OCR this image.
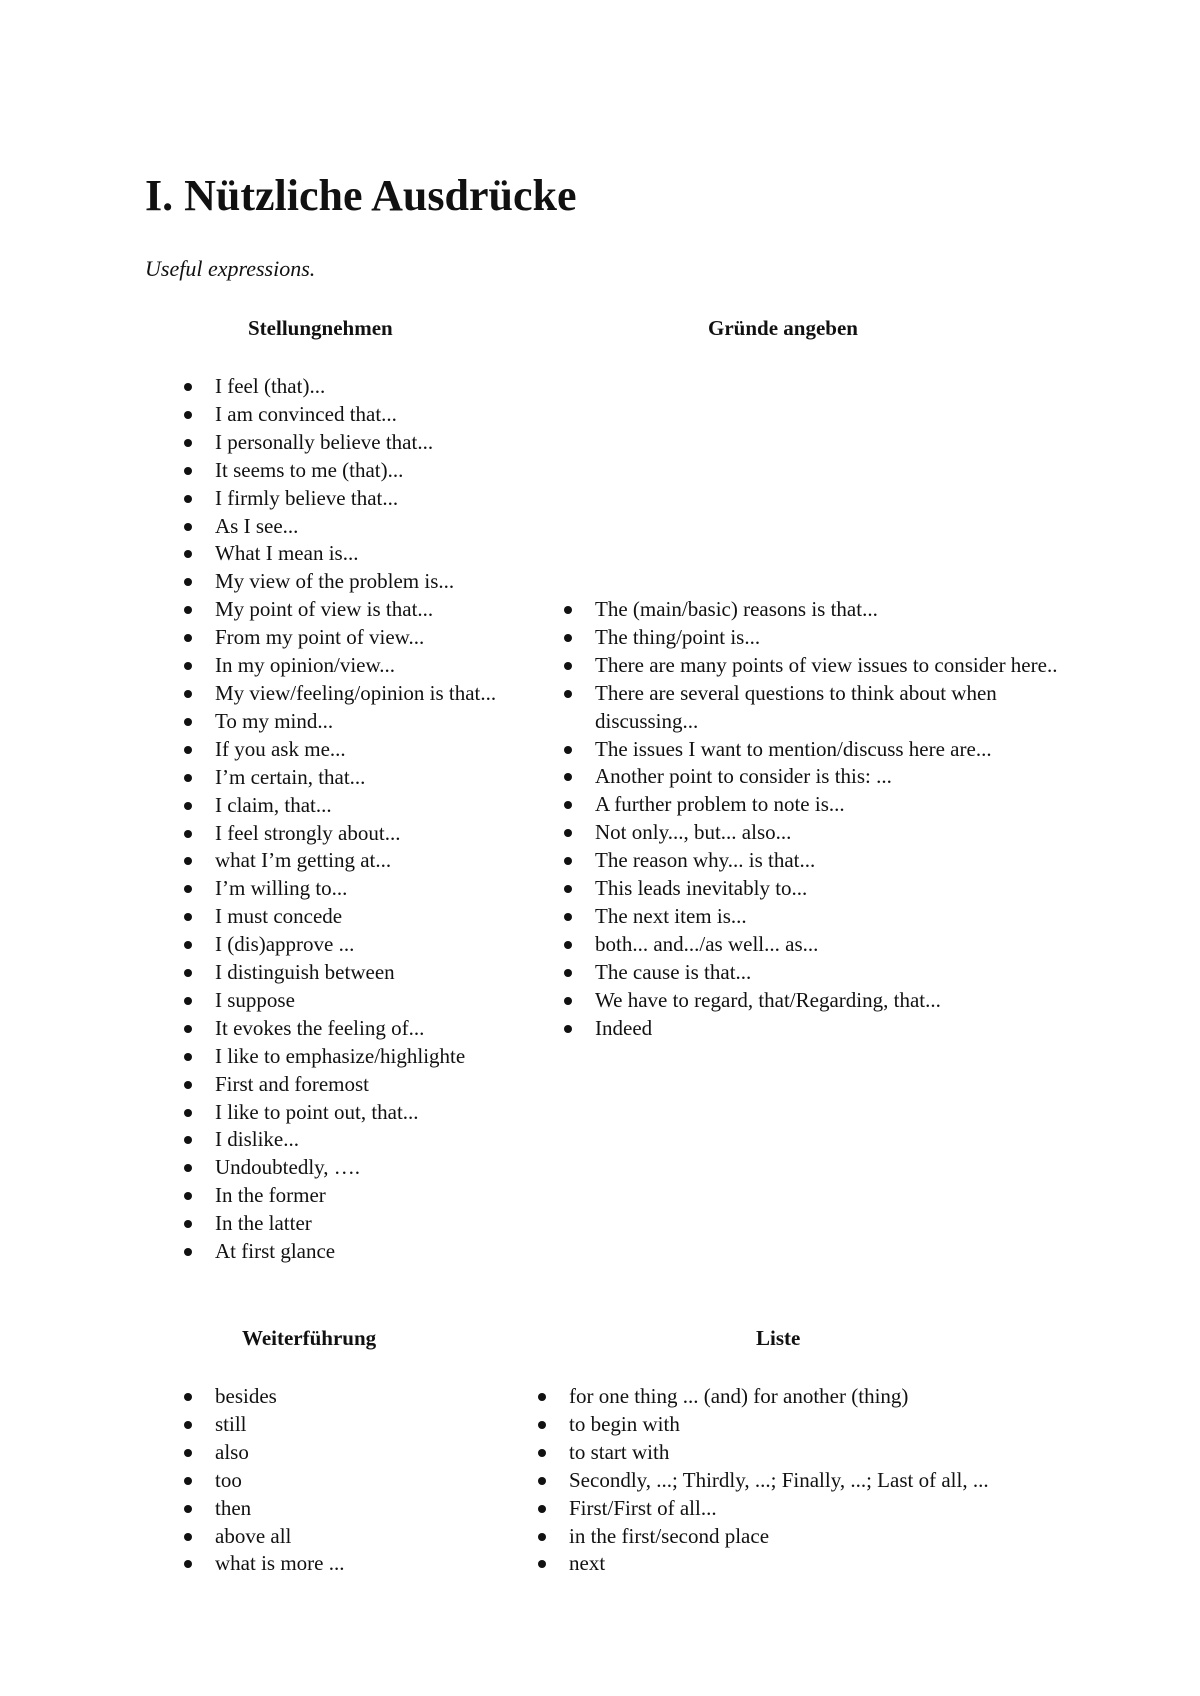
I. Nützliche Ausdrücke

Useful expressions.

Stellungnehmen	Gründe angeben
I feel (that)...
I am convinced that...
I personally believe that...
It seems to me (that)...
I firmly believe that...
As I see...
What I mean is...
My view of the problem is...
My point of view is that...
From my point of view...
In my opinion/view...
My view/feeling/opinion is that...
To my mind...
If you ask me...
I’m certain, that...
I claim, that...
I feel strongly about...
what I’m getting at...
I’m willing to...
I must concede
I (dis)approve ...
I distinguish between
I suppose
It evokes the feeling of...
I like to emphasize/highlighte
First and foremost
I like to point out, that...
I dislike...
Undoubtedly, ….
In the former
In the latter
At first glance
The (main/basic) reasons is that...
The thing/point is...
There are many points of view issues to consider here..
There are several questions to think about when discussing...
The issues I want to mention/discuss here are...
Another point to consider is this: ...
A further problem to note is...
Not only..., but... also...
The reason why... is that...
This leads inevitably to...
The next item is...
both... and.../as well... as...
The cause is that...
We have to regard, that/Regarding, that...
Indeed
Weiterführung	Liste
besides
still
also
too
then
above all
what is more ...
for one thing ... (and) for another (thing)
to begin with
to start with
Secondly, ...; Thirdly, ...; Finally, ...; Last of all, ...
First/First of all...
in the first/second place
next
